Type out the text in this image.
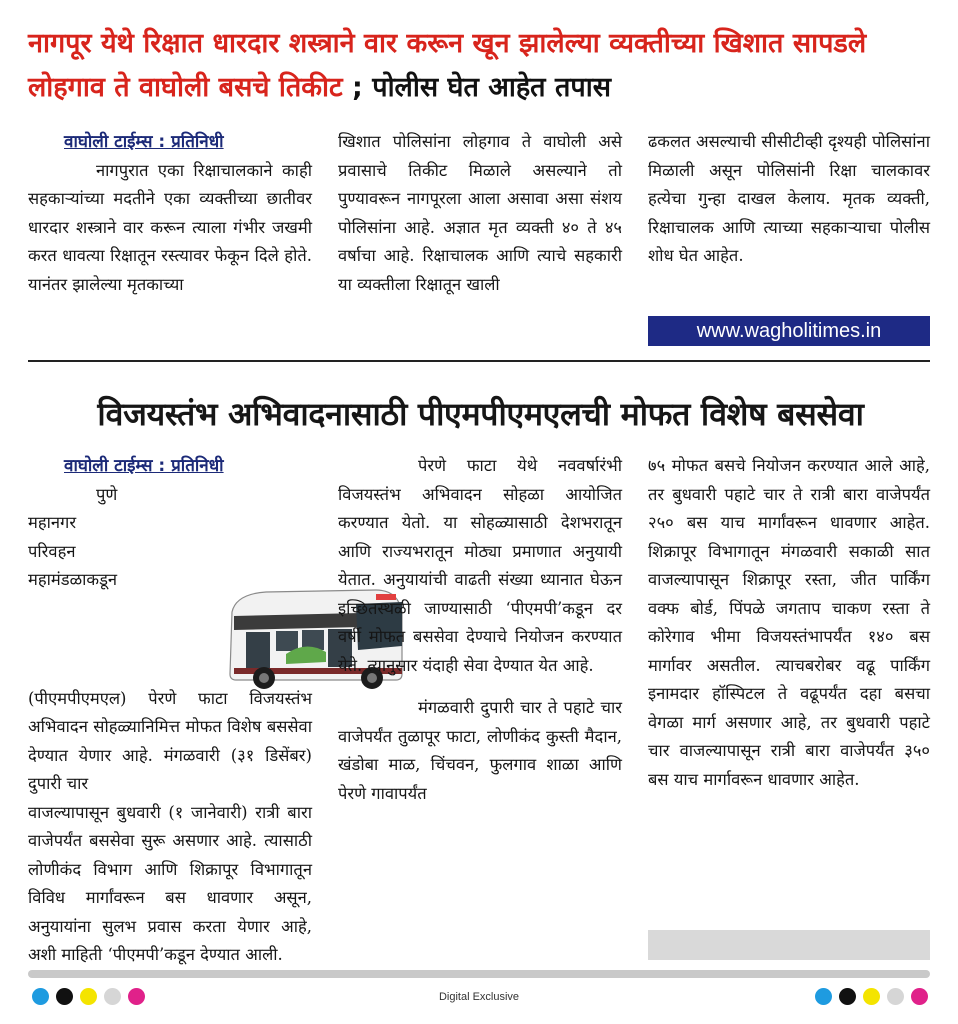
नागपूर येथे रिक्षात धारदार शस्त्राने वार करून खून झालेल्या व्यक्तीच्या खिशात सापडले लोहगाव ते वाघोली बसचे तिकीट ; पोलीस घेत आहेत तपास
वाघोली टाईम्स : प्रतिनिधी
नागपुरात एका रिक्षाचालकाने काही सहकाऱ्यांच्या मदतीने एका व्यक्तीच्या छातीवर धारदार शस्त्राने वार करून त्याला गंभीर जखमी करत धावत्या रिक्षातून रस्त्यावर फेकून दिले होते. यानंतर झालेल्या मृतकाच्या
खिशात पोलिसांना लोहगाव ते वाघोली असे प्रवासाचे तिकीट मिळाले असल्याने तो पुण्यावरून नागपूरला आला असावा असा संशय पोलिसांना आहे. अज्ञात मृत व्यक्ती ४० ते ४५ वर्षाचा आहे. रिक्षाचालक आणि त्याचे सहकारी या व्यक्तीला रिक्षातून खाली
ढकलत असल्याची सीसीटीव्ही दृश्यही पोलिसांना मिळाली असून पोलिसांनी रिक्षा चालकावर हत्येचा गुन्हा दाखल केलाय. मृतक व्यक्ती, रिक्षाचालक आणि त्याच्या सहकाऱ्याचा पोलीस शोध घेत आहेत.
www.wagholitimes.in
विजयस्तंभ अभिवादनासाठी पीएमपीएमएलची मोफत विशेष बससेवा
वाघोली टाईम्स : प्रतिनिधी
पुणे महानगर परिवहन महामंडळाकडून (पीएमपीएमएल) पेरणे फाटा विजयस्तंभ अभिवादन सोहळ्यानिमित्त मोफत विशेष बससेवा देण्यात येणार आहे. मंगळवारी (३१ डिसेंबर) दुपारी चार
वाजल्यापासून बुधवारी (१ जानेवारी) रात्री बारा वाजेपर्यंत बससेवा सुरू असणार आहे. त्यासाठी लोणीकंद विभाग आणि शिक्रापूर विभागातून विविध मार्गांवरून बस धावणार असून, अनुयायांना सुलभ प्रवास करता येणार आहे, अशी माहिती ‘पीएमपी’कडून देण्यात आली.
पेरणे फाटा येथे नववर्षारंभी विजयस्तंभ अभिवादन सोहळा आयोजित करण्यात येतो. या सोहळ्यासाठी देशभरातून आणि राज्यभरातून मोठ्या प्रमाणात अनुयायी येतात. अनुयायांची वाढती संख्या ध्यानात घेऊन इच्छितस्थळी जाण्यासाठी ‘पीएमपी’कडून दर वर्षी मोफत बससेवा देण्याचे नियोजन करण्यात येते. त्यानुसार यंदाही सेवा देण्यात येत आहे.
मंगळवारी दुपारी चार ते पहाटे चार वाजेपर्यंत तुळापूर फाटा, लोणीकंद कुस्ती मैदान, खंडोबा माळ, चिंचवन, फुलगाव शाळा आणि पेरणे गावापर्यंत
७५ मोफत बसचे नियोजन करण्यात आले आहे, तर बुधवारी पहाटे चार ते रात्री बारा वाजेपर्यंत २५० बस याच मार्गांवरून धावणार आहेत. शिक्रापूर विभागातून मंगळवारी सकाळी सात वाजल्यापासून शिक्रापूर रस्ता, जीत पार्किंग वक्फ बोर्ड, पिंपळे जगताप चाकण रस्ता ते कोरेगाव भीमा विजयस्तंभापर्यंत १४० बस मार्गावर असतील. त्याचबरोबर वढू पार्किंग इनामदार हॉस्पिटल ते वढूपर्यंत दहा बसचा वेगळा मार्ग असणार आहे, तर बुधवारी पहाटे चार वाजल्यापासून रात्री बारा वाजेपर्यंत ३५० बस याच मार्गावरून धावणार आहेत.
Digital Exclusive
